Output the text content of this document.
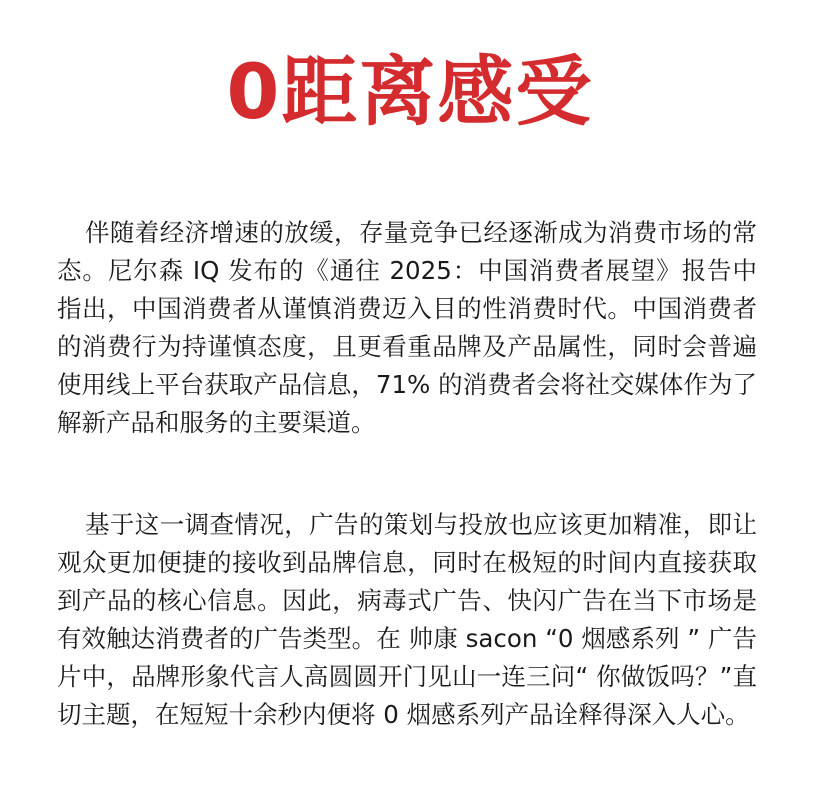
0距离感受

伴随着经济增速的放缓，存量竞争已经逐渐成为消费市场的常态。尼尔森 IQ 发布的《通往 2025：中国消费者展望》报告中指出，中国消费者从谨慎消费迈入目的性消费时代。中国消费者的消费行为持谨慎态度，且更看重品牌及产品属性，同时会普遍使用线上平台获取产品信息，71% 的消费者会将社交媒体作为了解新产品和服务的主要渠道。

基于这一调查情况，广告的策划与投放也应该更加精准，即让观众更加便捷的接收到品牌信息，同时在极短的时间内直接获取到产品的核心信息。因此，病毒式广告、快闪广告在当下市场是有效触达消费者的广告类型。在 帅康 sacon “0 烟感系列 ” 广告片中，品牌形象代言人高圆圆开门见山一连三问“ 你做饭吗？”直切主题，在短短十余秒内便将 0 烟感系列产品诠释得深入人心。
